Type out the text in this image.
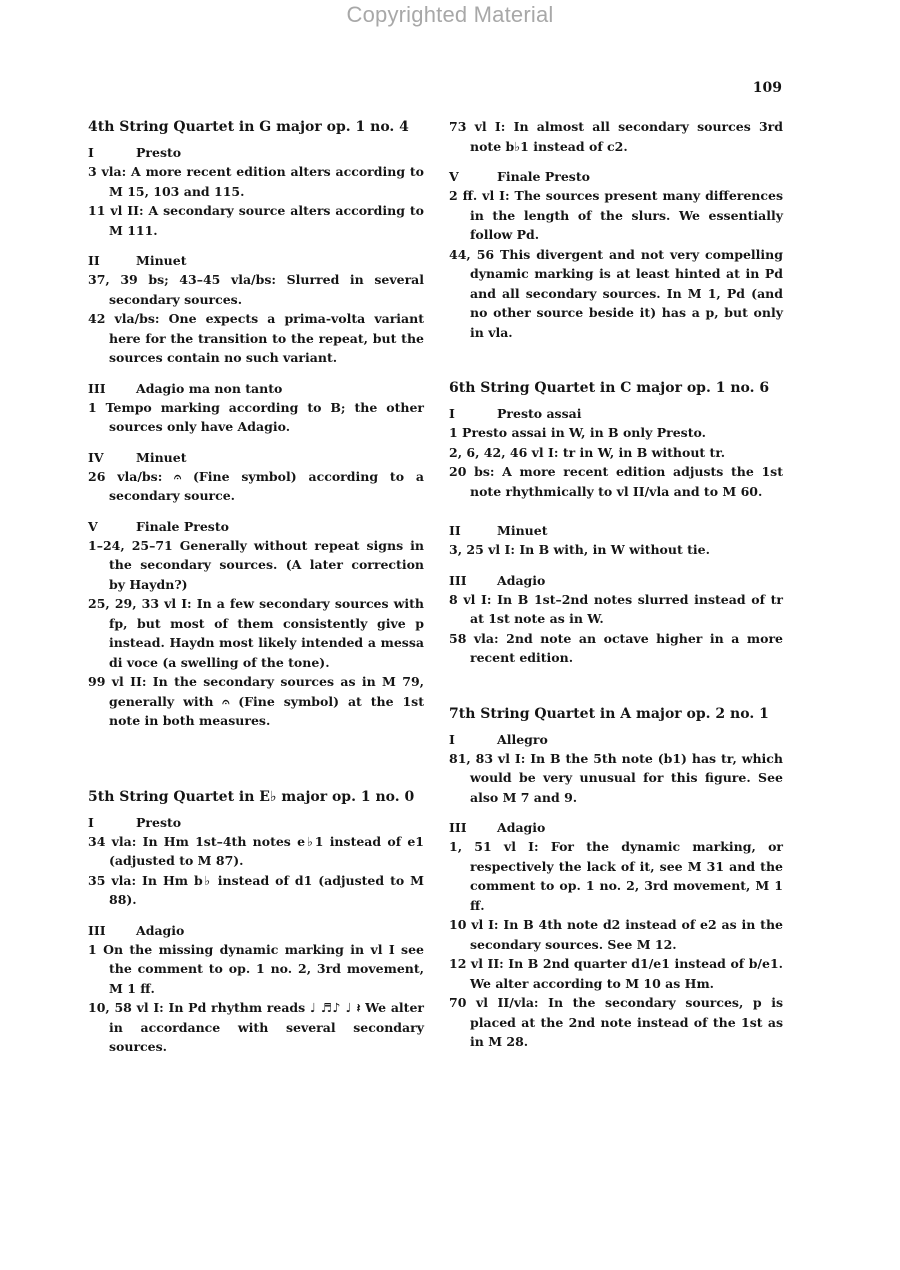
Copyrighted Material
109

4th String Quartet in G major op. 1 no. 4

I	Presto

3 vla: A more recent edition alters according to M 15, 103 and 115.

11 vl II: A secondary source alters according to M 111.

II	Minuet

37, 39 bs; 43–45 vla/bs: Slurred in several secondary sources.

42 vla/bs: One expects a prima-volta variant here for the transition to the repeat, but the sources contain no such variant.

III	Adagio ma non tanto

1 Tempo marking according to B; the other sources only have Adagio.

IV	Minuet

26 vla/bs: 𝄐 (Fine symbol) according to a secondary source.

V	Finale Presto

1–24, 25–71 Generally without repeat signs in the secondary sources. (A later correction by Haydn?)

25, 29, 33 vl I: In a few secondary sources with fp, but most of them consistently give p instead. Haydn most likely intended a messa di voce (a swelling of the tone).

99 vl II: In the secondary sources as in M 79, generally with 𝄐 (Fine symbol) at the 1st note in both measures.

5th String Quartet in E♭ major op. 1 no. 0

I	Presto

34 vla: In Hm 1st–4th notes e♭1 instead of e1 (adjusted to M 87).

35 vla: In Hm b♭ instead of d1 (adjusted to M 88).

III	Adagio

1 On the missing dynamic marking in vl I see the comment to op. 1 no. 2, 3rd movement, M 1 ff.

10, 58 vl I: In Pd rhythm reads ♩ ♬♪ ♩ 𝄽 We alter in accordance with several secondary sources.

73 vl I: In almost all secondary sources 3rd note b♭1 instead of c2.

V	Finale Presto

2 ff. vl I: The sources present many differences in the length of the slurs. We essentially follow Pd.

44, 56 This divergent and not very compelling dynamic marking is at least hinted at in Pd and all secondary sources. In M 1, Pd (and no other source beside it) has a p, but only in vla.

6th String Quartet in C major op. 1 no. 6

I	Presto assai

1 Presto assai in W, in B only Presto.

2, 6, 42, 46 vl I: tr in W, in B without tr.

20 bs: A more recent edition adjusts the 1st note rhythmically to vl II/vla and to M 60.

II	Minuet

3, 25 vl I: In B with, in W without tie.

III	Adagio

8 vl I: In B 1st–2nd notes slurred instead of tr at 1st note as in W.

58 vla: 2nd note an octave higher in a more recent edition.

7th String Quartet in A major op. 2 no. 1

I	Allegro

81, 83 vl I: In B the 5th note (b1) has tr, which would be very unusual for this figure. See also M 7 and 9.

III	Adagio

1, 51 vl I: For the dynamic marking, or respectively the lack of it, see M 31 and the comment to op. 1 no. 2, 3rd movement, M 1 ff.

10 vl I: In B 4th note d2 instead of e2 as in the secondary sources. See M 12.

12 vl II: In B 2nd quarter d1/e1 instead of b/e1. We alter according to M 10 as Hm.

70 vl II/vla: In the secondary sources, p is placed at the 2nd note instead of the 1st as in M 28.
